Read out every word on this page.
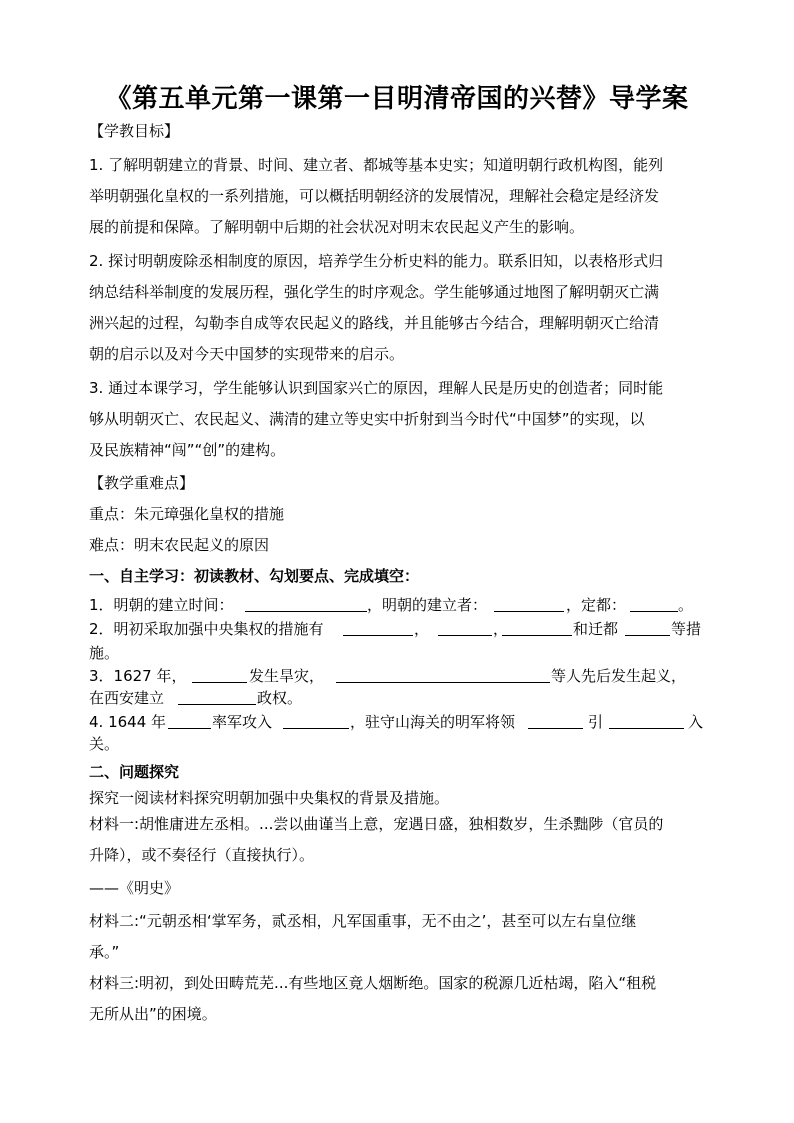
《第五单元第一课第一目明清帝国的兴替》导学案
【学教目标】
1. 了解明朝建立的背景、时间、建立者、都城等基本史实；知道明朝行政机构图，能列
举明朝强化皇权的一系列措施，可以概括明朝经济的发展情况，理解社会稳定是经济发
展的前提和保障。了解明朝中后期的社会状况对明末农民起义产生的影响。
2. 探讨明朝废除丞相制度的原因，培养学生分析史料的能力。联系旧知，以表格形式归
纳总结科举制度的发展历程，强化学生的时序观念。学生能够通过地图了解明朝灭亡满
洲兴起的过程，勾勒李自成等农民起义的路线，并且能够古今结合，理解明朝灭亡给清
朝的启示以及对今天中国梦的实现带来的启示。
3. 通过本课学习，学生能够认识到国家兴亡的原因，理解人民是历史的创造者；同时能
够从明朝灭亡、农民起义、满清的建立等史实中折射到当今时代“中国梦”的实现，以
及民族精神“闯”“创”的建构。
【教学重难点】
重点：朱元璋强化皇权的措施
难点：明末农民起义的原因
一、自主学习：初读教材、勾划要点、完成填空：
1．明朝的建立时间：	，明朝的建立者：	，定都：	。
2．明初采取加强中央集权的措施有	，	，	和迁都	等措
施。
3．1627 年，	发生旱灾，	等人先后发生起义，
在西安建立	政权。
4. 1644 年	率军攻入	，驻守山海关的明军将领	引	入
关。
二、问题探究
探究一阅读材料探究明朝加强中央集权的背景及措施。
材料一:胡惟庸进左丞相。...尝以曲谨当上意，宠遇日盛，独相数岁，生杀黜陟（官员的
升降），或不奏径行（直接执行）。
——《明史》
材料二:“元朝丞相‘掌军务，贰丞相，凡军国重事，无不由之’，甚至可以左右皇位继
承。”
材料三:明初，到处田畴荒芜...有些地区竟人烟断绝。国家的税源几近枯竭，陷入“租税
无所从出”的困境。
